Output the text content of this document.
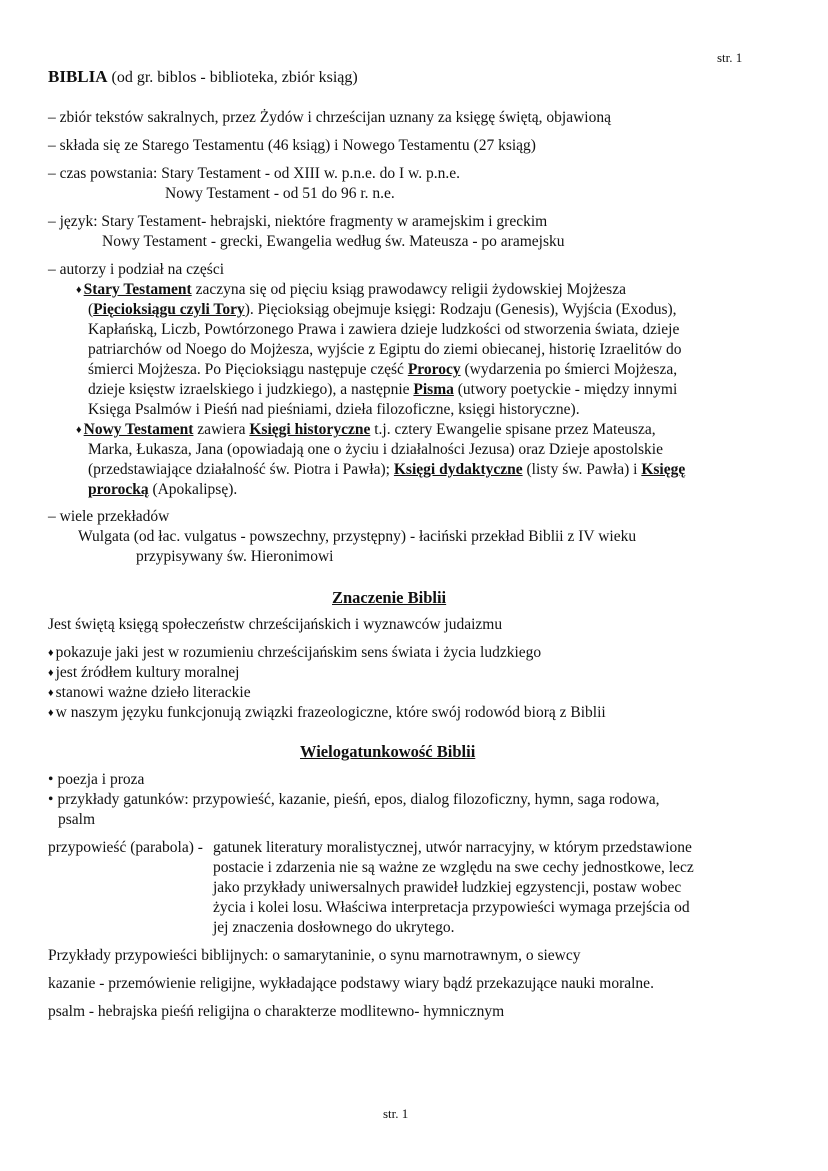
str. 1
BIBLIA (od gr. biblos - biblioteka, zbiór ksiąg)
– zbiór tekstów sakralnych, przez Żydów i chrześcijan uznany za księgę świętą, objawioną
– składa się ze Starego Testamentu (46 ksiąg) i Nowego Testamentu (27 ksiąg)
– czas powstania: Stary Testament - od XIII w. p.n.e. do I w. p.n.e.
Nowy Testament - od 51 do 96 r. n.e.
– język: Stary Testament- hebrajski, niektóre fragmenty w aramejskim i greckim
Nowy Testament - grecki, Ewangelia według św. Mateusza - po aramejsku
– autorzy i podział na części
♦ Stary Testament zaczyna się od pięciu ksiąg prawodawcy religii żydowskiej Mojżesza
(Pięcioksiągu czyli Tory). Pięcioksiąg obejmuje księgi: Rodzaju (Genesis), Wyjścia (Exodus),
Kapłańską, Liczb, Powtórzonego Prawa i zawiera dzieje ludzkości od stworzenia świata, dzieje
patriarchów od Noego do Mojżesza, wyjście z Egiptu do ziemi obiecanej, historię Izraelitów do
śmierci Mojżesza. Po Pięcioksiągu następuje część Prorocy (wydarzenia po śmierci Mojżesza,
dzieje księstw izraelskiego i judzkiego), a następnie Pisma (utwory poetyckie - między innymi
Księga Psalmów i Pieśń nad pieśniami, dzieła filozoficzne, księgi historyczne).
♦ Nowy Testament zawiera Księgi historyczne t.j. cztery Ewangelie spisane przez Mateusza,
Marka, Łukasza, Jana (opowiadają one o życiu i działalności Jezusa) oraz Dzieje apostolskie
(przedstawiające działalność św. Piotra i Pawła); Księgi dydaktyczne (listy św. Pawła) i Księgę
prorocką (Apokalipsę).
– wiele przekładów
Wulgata (od łac. vulgatus - powszechny, przystępny) - łaciński przekład Biblii z IV wieku
przypisywany św. Hieronimowi
Znaczenie Biblii
Jest świętą księgą społeczeństw chrześcijańskich i wyznawców judaizmu
♦ pokazuje jaki jest w rozumieniu chrześcijańskim sens świata i życia ludzkiego
♦ jest źródłem kultury moralnej
♦ stanowi ważne dzieło literackie
♦ w naszym języku funkcjonują związki frazeologiczne, które swój rodowód biorą z Biblii
Wielogatunkowość Biblii
• poezja i proza
• przykłady gatunków: przypowieść, kazanie, pieśń, epos, dialog filozoficzny, hymn, saga rodowa,
psalm
przypowieść (parabola) - gatunek literatury moralistycznej, utwór narracyjny, w którym przedstawione
postacie i zdarzenia nie są ważne ze względu na swe cechy jednostkowe, lecz
jako przykłady uniwersalnych prawideł ludzkiej egzystencji, postaw wobec
życia i kolei losu. Właściwa interpretacja przypowieści wymaga przejścia od
jej znaczenia dosłownego do ukrytego.
Przykłady przypowieści biblijnych: o samarytaninie, o synu marnotrawnym, o siewcy
kazanie - przemówienie religijne, wykładające podstawy wiary bądź przekazujące nauki moralne.
psalm - hebrajska pieśń religijna o charakterze modlitewno- hymnicznym
str. 1
